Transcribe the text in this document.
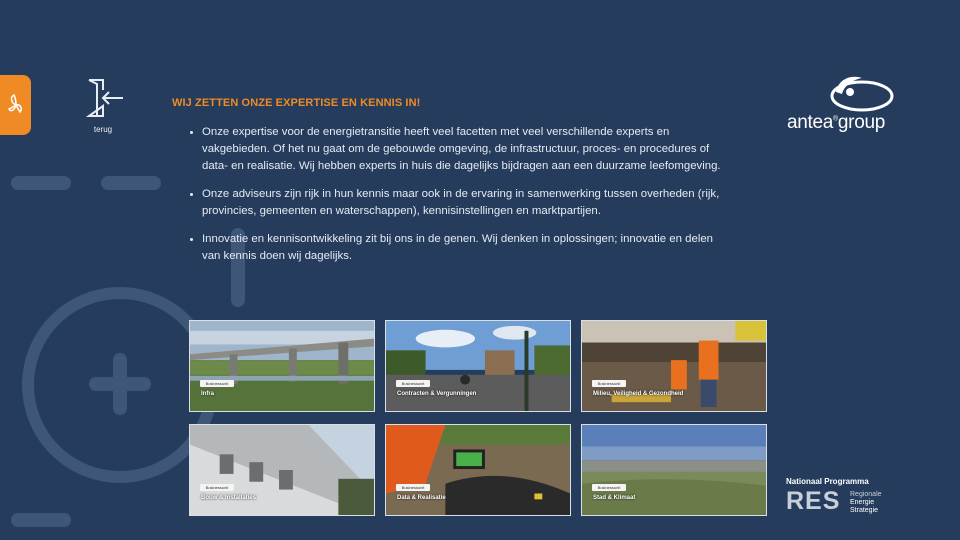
terug
WIJ ZETTEN ONZE EXPERTISE EN KENNIS IN!
• Onze expertise voor de energietransitie heeft veel facetten met veel verschillende experts en vakgebieden. Of het nu gaat om de gebouwde omgeving, de infrastructuur, proces- en procedures of data- en realisatie. Wij hebben experts in huis die dagelijks bijdragen aan een duurzame leefomgeving.
• Onze adviseurs zijn rijk in hun kennis maar ook in de ervaring in samenwerking tussen overheden (rijk, provincies, gemeenten en waterschappen), kennisinstellingen en marktpartijen.
• Innovatie en kennisontwikkeling zit bij ons in de genen. Wij denken in oplossingen; innovatie en delen van kennis doen wij dagelijks.
antea®group
Businessunit
Infra
Businessunit
Contracten & Vergunningen
Businessunit
Milieu, Veiligheid & Gezondheid
Businessunit
Bouw & Installaties
Businessunit
Data & Realisatie
Businessunit
Stad & Klimaat
Nationaal Programma
RES Regionale
Energie
Strategie
